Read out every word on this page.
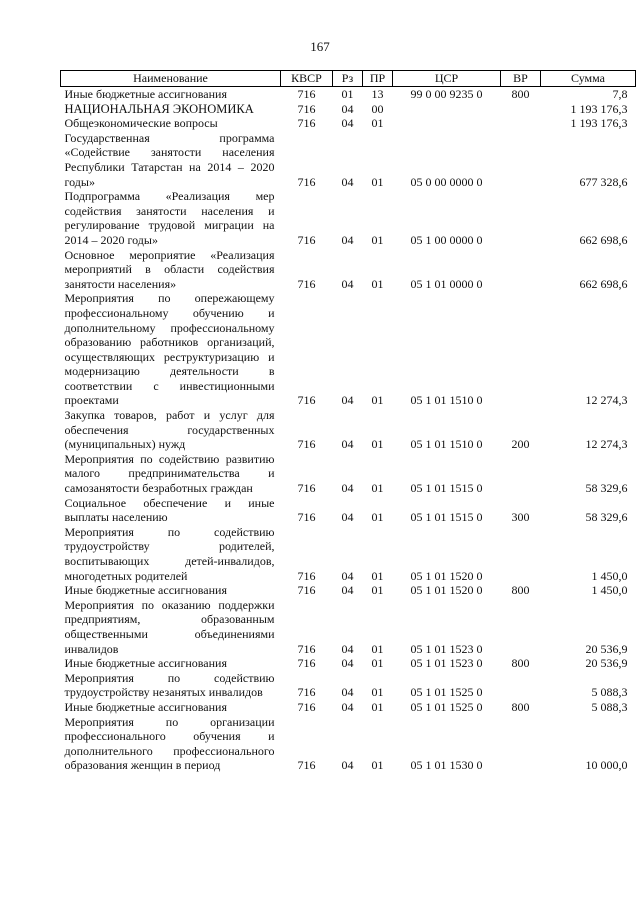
167
Наименование	КВСР	Рз	ПР	ЦСР	ВР	Сумма
Иные бюджетные ассигнования	716	01	13	99 0 00 9235 0	800	7,8
НАЦИОНАЛЬНАЯ ЭКОНОМИКА	716	04	00			1 193 176,3
Общеэкономические вопросы	716	04	01			1 193 176,3
Государственная программа «Содействие занятости населения Республики Татарстан на 2014 – 2020 годы»	716	04	01	05 0 00 0000 0		677 328,6
Подпрограмма «Реализация мер содействия занятости населения и регулирование трудовой миграции на 2014 – 2020 годы»	716	04	01	05 1 00 0000 0		662 698,6
Основное мероприятие «Реализация мероприятий в области содействия занятости населения»	716	04	01	05 1 01 0000 0		662 698,6
Мероприятия по опережающему профессиональному обучению и дополнительному профессиональному образованию работников организаций, осуществляющих реструктуризацию и модернизацию деятельности в соответствии с инвестиционными проектами	716	04	01	05 1 01 1510 0		12 274,3
Закупка товаров, работ и услуг для обеспечения государственных (муниципальных) нужд	716	04	01	05 1 01 1510 0	200	12 274,3
Мероприятия по содействию развитию малого предпринимательства и самозанятости безработных граждан	716	04	01	05 1 01 1515 0		58 329,6
Социальное обеспечение и иные выплаты населению	716	04	01	05 1 01 1515 0	300	58 329,6
Мероприятия по содействию трудоустройству родителей, воспитывающих детей-инвалидов, многодетных родителей	716	04	01	05 1 01 1520 0		1 450,0
Иные бюджетные ассигнования	716	04	01	05 1 01 1520 0	800	1 450,0
Мероприятия по оказанию поддержки предприятиям, образованным общественными объединениями инвалидов	716	04	01	05 1 01 1523 0		20 536,9
Иные бюджетные ассигнования	716	04	01	05 1 01 1523 0	800	20 536,9
Мероприятия по содействию трудоустройству незанятых инвалидов	716	04	01	05 1 01 1525 0		5 088,3
Иные бюджетные ассигнования	716	04	01	05 1 01 1525 0	800	5 088,3
Мероприятия по организации профессионального обучения и дополнительного профессионального образования женщин в период	716	04	01	05 1 01 1530 0		10 000,0
